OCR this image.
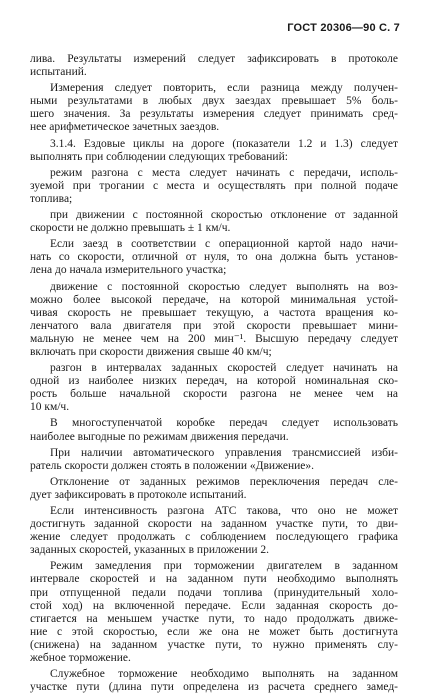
ГОСТ 20306—90 С. 7
лива. Результаты измерений следует зафиксировать в протоколе
испытаний.
Измерения следует повторить, если разница между получен-
ными результатами в любых двух заездах превышает 5% боль-
шего значения. За результаты измерения следует принимать сред-
нее арифметическое зачетных заездов.
3.1.4. Ездовые циклы на дороге (показатели 1.2 и 1.3) следует
выполнять при соблюдении следующих требований:
режим разгона с места следует начинать с передачи, исполь-
зуемой при трогании с места и осуществлять при полной подаче
топлива;
при движении с постоянной скоростью отклонение от заданной
скорости не должно превышать ± 1 км/ч.
Если заезд в соответствии с операционной картой надо начи-
нать со скорости, отличной от нуля, то она должна быть установ-
лена до начала измерительного участка;
движение с постоянной скоростью следует выполнять на воз-
можно более высокой передаче, на которой минимальная устой-
чивая скорость не превышает текущую, а частота вращения ко-
ленчатого вала двигателя при этой скорости превышает мини-
мальную не менее чем на 200 мин⁻¹. Высшую передачу следует
включать при скорости движения свыше 40 км/ч;
разгон в интервалах заданных скоростей следует начинать на
одной из наиболее низких передач, на которой номинальная ско-
рость больше начальной скорости разгона не менее чем на
10 км/ч.
В многоступенчатой коробке передач следует использовать
наиболее выгодные по режимам движения передачи.
При наличии автоматического управления трансмиссией изби-
ратель скорости должен стоять в положении «Движение».
Отклонение от заданных режимов переключения передач сле-
дует зафиксировать в протоколе испытаний.
Если интенсивность разгона АТС такова, что оно не может
достигнуть заданной скорости на заданном участке пути, то дви-
жение следует продолжать с соблюдением последующего графика
заданных скоростей, указанных в приложении 2.
Режим замедления при торможении двигателем в заданном
интервале скоростей и на заданном пути необходимо выполнять
при отпущенной педали подачи топлива (принудительный холо-
стой ход) на включенной передаче. Если заданная скорость до-
стигается на меньшем участке пути, то надо продолжать движе-
ние с этой скоростью, если же она не может быть достигнута
(снижена) на заданном участке пути, то нужно применять слу-
жебное торможение.
Служебное торможение необходимо выполнять на заданном
участке пути (длина пути определена из расчета среднего замед-
